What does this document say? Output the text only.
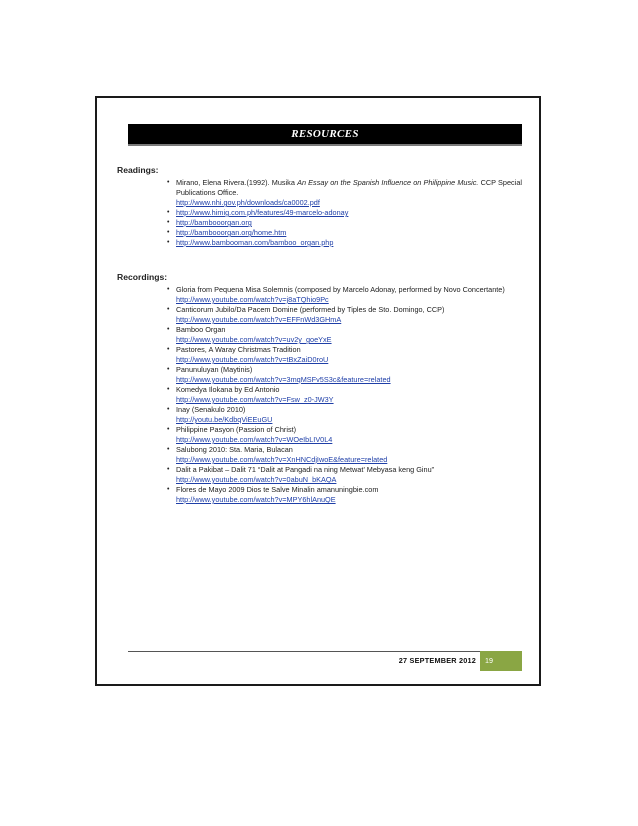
RESOURCES
Readings:
• Mirano, Elena Rivera.(1992). Musika An Essay on the Spanish Influence on Philippine Music. CCP Special Publications Office.
http://www.nhi.gov.ph/downloads/ca0002.pdf
• http://www.himig.com.ph/features/49-marcelo-adonay
• http://bambooorgan.org
• http://bambooorgan.org/home.htm
• http://www.bambooman.com/bamboo_organ.php
Recordings:
• Gloria from Pequena Misa Solemnis (composed by Marcelo Adonay, performed by Novo Concertante)
http://www.youtube.com/watch?v=j8aTQhio9Pc
• Canticorum Jubilo/Da Pacem Domine (performed by Tiples de Sto. Domingo, CCP)
http://www.youtube.com/watch?v=EFFnWd3GHmA
• Bamboo Organ
http://www.youtube.com/watch?v=uv2y_goeYxE
• Pastores, A Waray Christmas Tradition
http://www.youtube.com/watch?v=tBxZaiD0roU
• Panunuluyan (Maytinis)
http://www.youtube.com/watch?v=3mqMSFv5S3c&feature=related
• Komedya Ilokana by Ed Antonio
http://www.youtube.com/watch?v=Fsw_z0-JW3Y
• Inay (Senakulo 2010)
http://youtu.be/KdbqViEEuGU
• Philippine Pasyon (Passion of Christ)
http://www.youtube.com/watch?v=WOeIbLIV0L4
• Salubong 2010: Sta. Maria, Bulacan
http://www.youtube.com/watch?v=XnHNCdjIwoE&feature=related
• Dalit a Pakibat – Dalit 71 “Dalit at Pangadi na ning Metwat’ Mebyasa keng Ginu”
http://www.youtube.com/watch?v=0abuN_bKAQA
• Flores de Mayo 2009 Dios te Salve Minalin amanuningbie.com
http://www.youtube.com/watch?v=MPY6hlAnuQE
27 SEPTEMBER 2012	19
